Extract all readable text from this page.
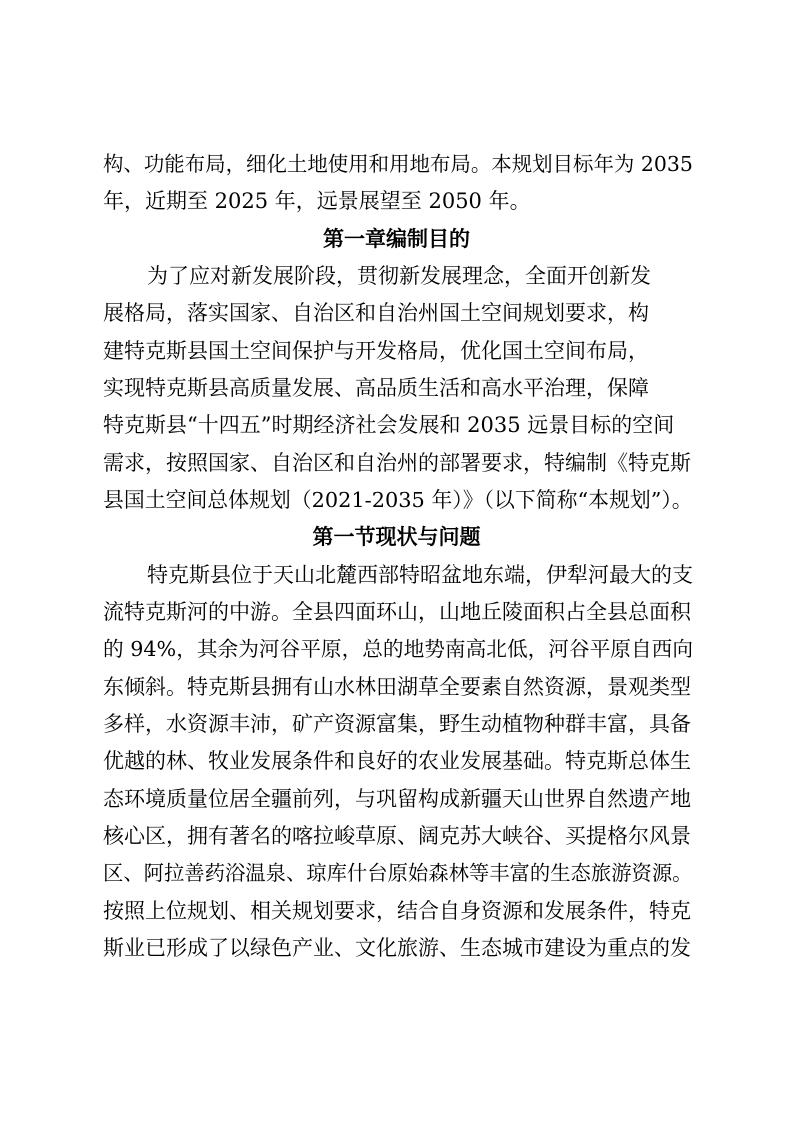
构、功能布局，细化土地使用和用地布局。本规划目标年为 2035
年，近期至 2025 年，远景展望至 2050 年。
第一章编制目的
为了应对新发展阶段，贯彻新发展理念，全面开创新发
展格局，落实国家、自治区和自治州国土空间规划要求，构
建特克斯县国土空间保护与开发格局，优化国土空间布局，
实现特克斯县高质量发展、高品质生活和高水平治理，保障
特克斯县“十四五”时期经济社会发展和 2035 远景目标的空间
需求，按照国家、自治区和自治州的部署要求，特编制《特克斯
县国土空间总体规划（2021-2035 年）》（以下简称“本规划”）。
第一节现状与问题
特克斯县位于天山北麓西部特昭盆地东端，伊犁河最大的支
流特克斯河的中游。全县四面环山，山地丘陵面积占全县总面积
的 94%，其余为河谷平原，总的地势南高北低，河谷平原自西向
东倾斜。特克斯县拥有山水林田湖草全要素自然资源，景观类型
多样，水资源丰沛，矿产资源富集，野生动植物种群丰富，具备
优越的林、牧业发展条件和良好的农业发展基础。特克斯总体生
态环境质量位居全疆前列，与巩留构成新疆天山世界自然遗产地
核心区，拥有著名的喀拉峻草原、阔克苏大峡谷、买提格尔风景
区、阿拉善药浴温泉、琼库什台原始森林等丰富的生态旅游资源。
按照上位规划、相关规划要求，结合自身资源和发展条件，特克
斯业已形成了以绿色产业、文化旅游、生态城市建设为重点的发
